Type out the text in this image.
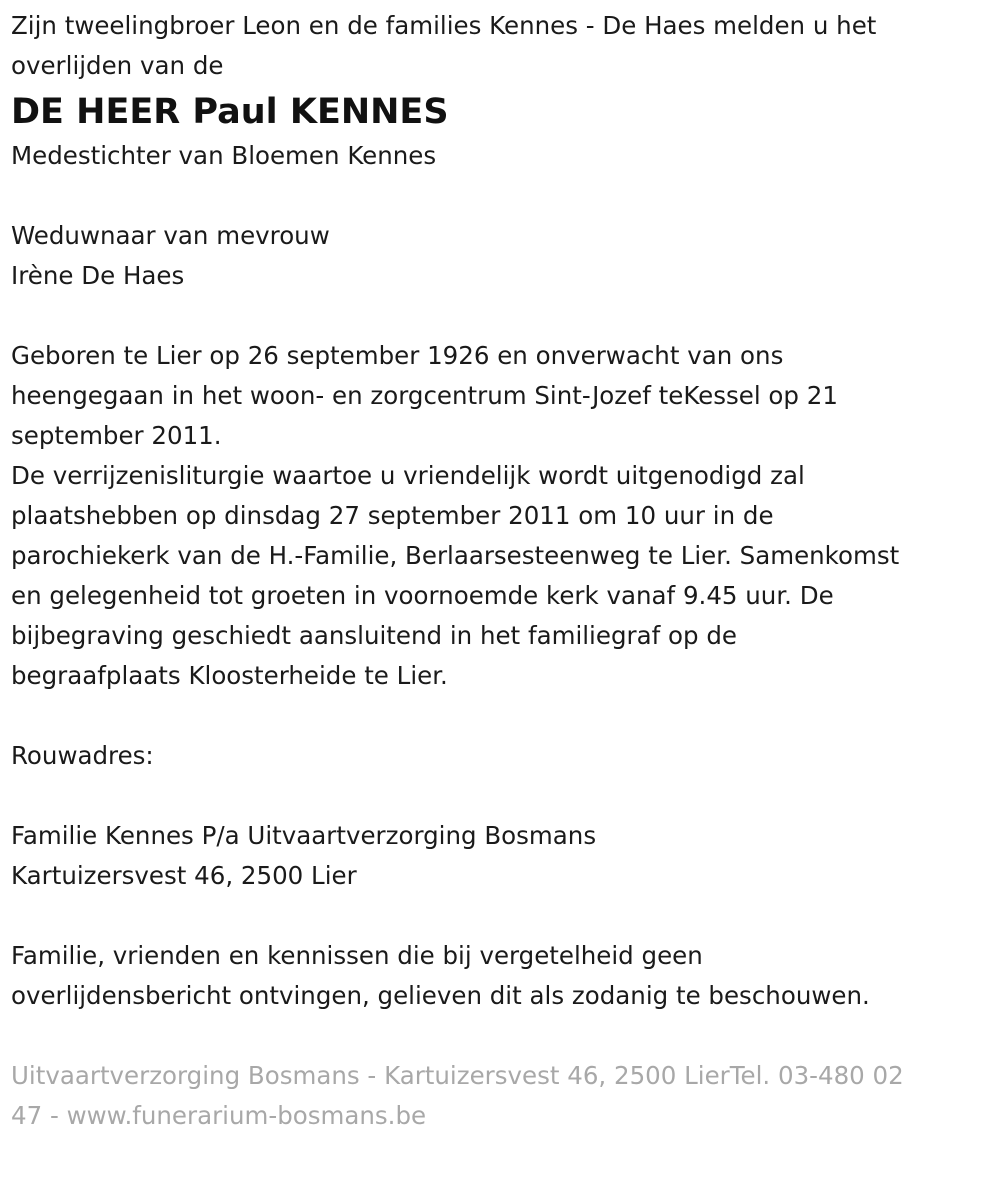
Zijn tweelingbroer Leon en de families Kennes - De Haes melden u het

overlijden van de

DE HEER Paul KENNES

Medestichter van Bloemen Kennes

Weduwnaar van mevrouw

Irène De Haes

Geboren te Lier op 26 september 1926 en onverwacht van ons

heengegaan in het woon- en zorgcentrum Sint-Jozef teKessel op 21

september 2011.

De verrijzenisliturgie waartoe u vriendelijk wordt uitgenodigd zal

plaatshebben op dinsdag 27 september 2011 om 10 uur in de

parochiekerk van de H.-Familie, Berlaarsesteenweg te Lier. Samenkomst

en gelegenheid tot groeten in voornoemde kerk vanaf 9.45 uur. De

bijbegraving geschiedt aansluitend in het familiegraf op de

begraafplaats Kloosterheide te Lier.

Rouwadres:

Familie Kennes P/a Uitvaartverzorging Bosmans

Kartuizersvest 46, 2500 Lier

Familie, vrienden en kennissen die bij vergetelheid geen

overlijdensbericht ontvingen, gelieven dit als zodanig te beschouwen.

Uitvaartverzorging Bosmans - Kartuizersvest 46, 2500 LierTel. 03-480 02

47 - www.funerarium-bosmans.be
